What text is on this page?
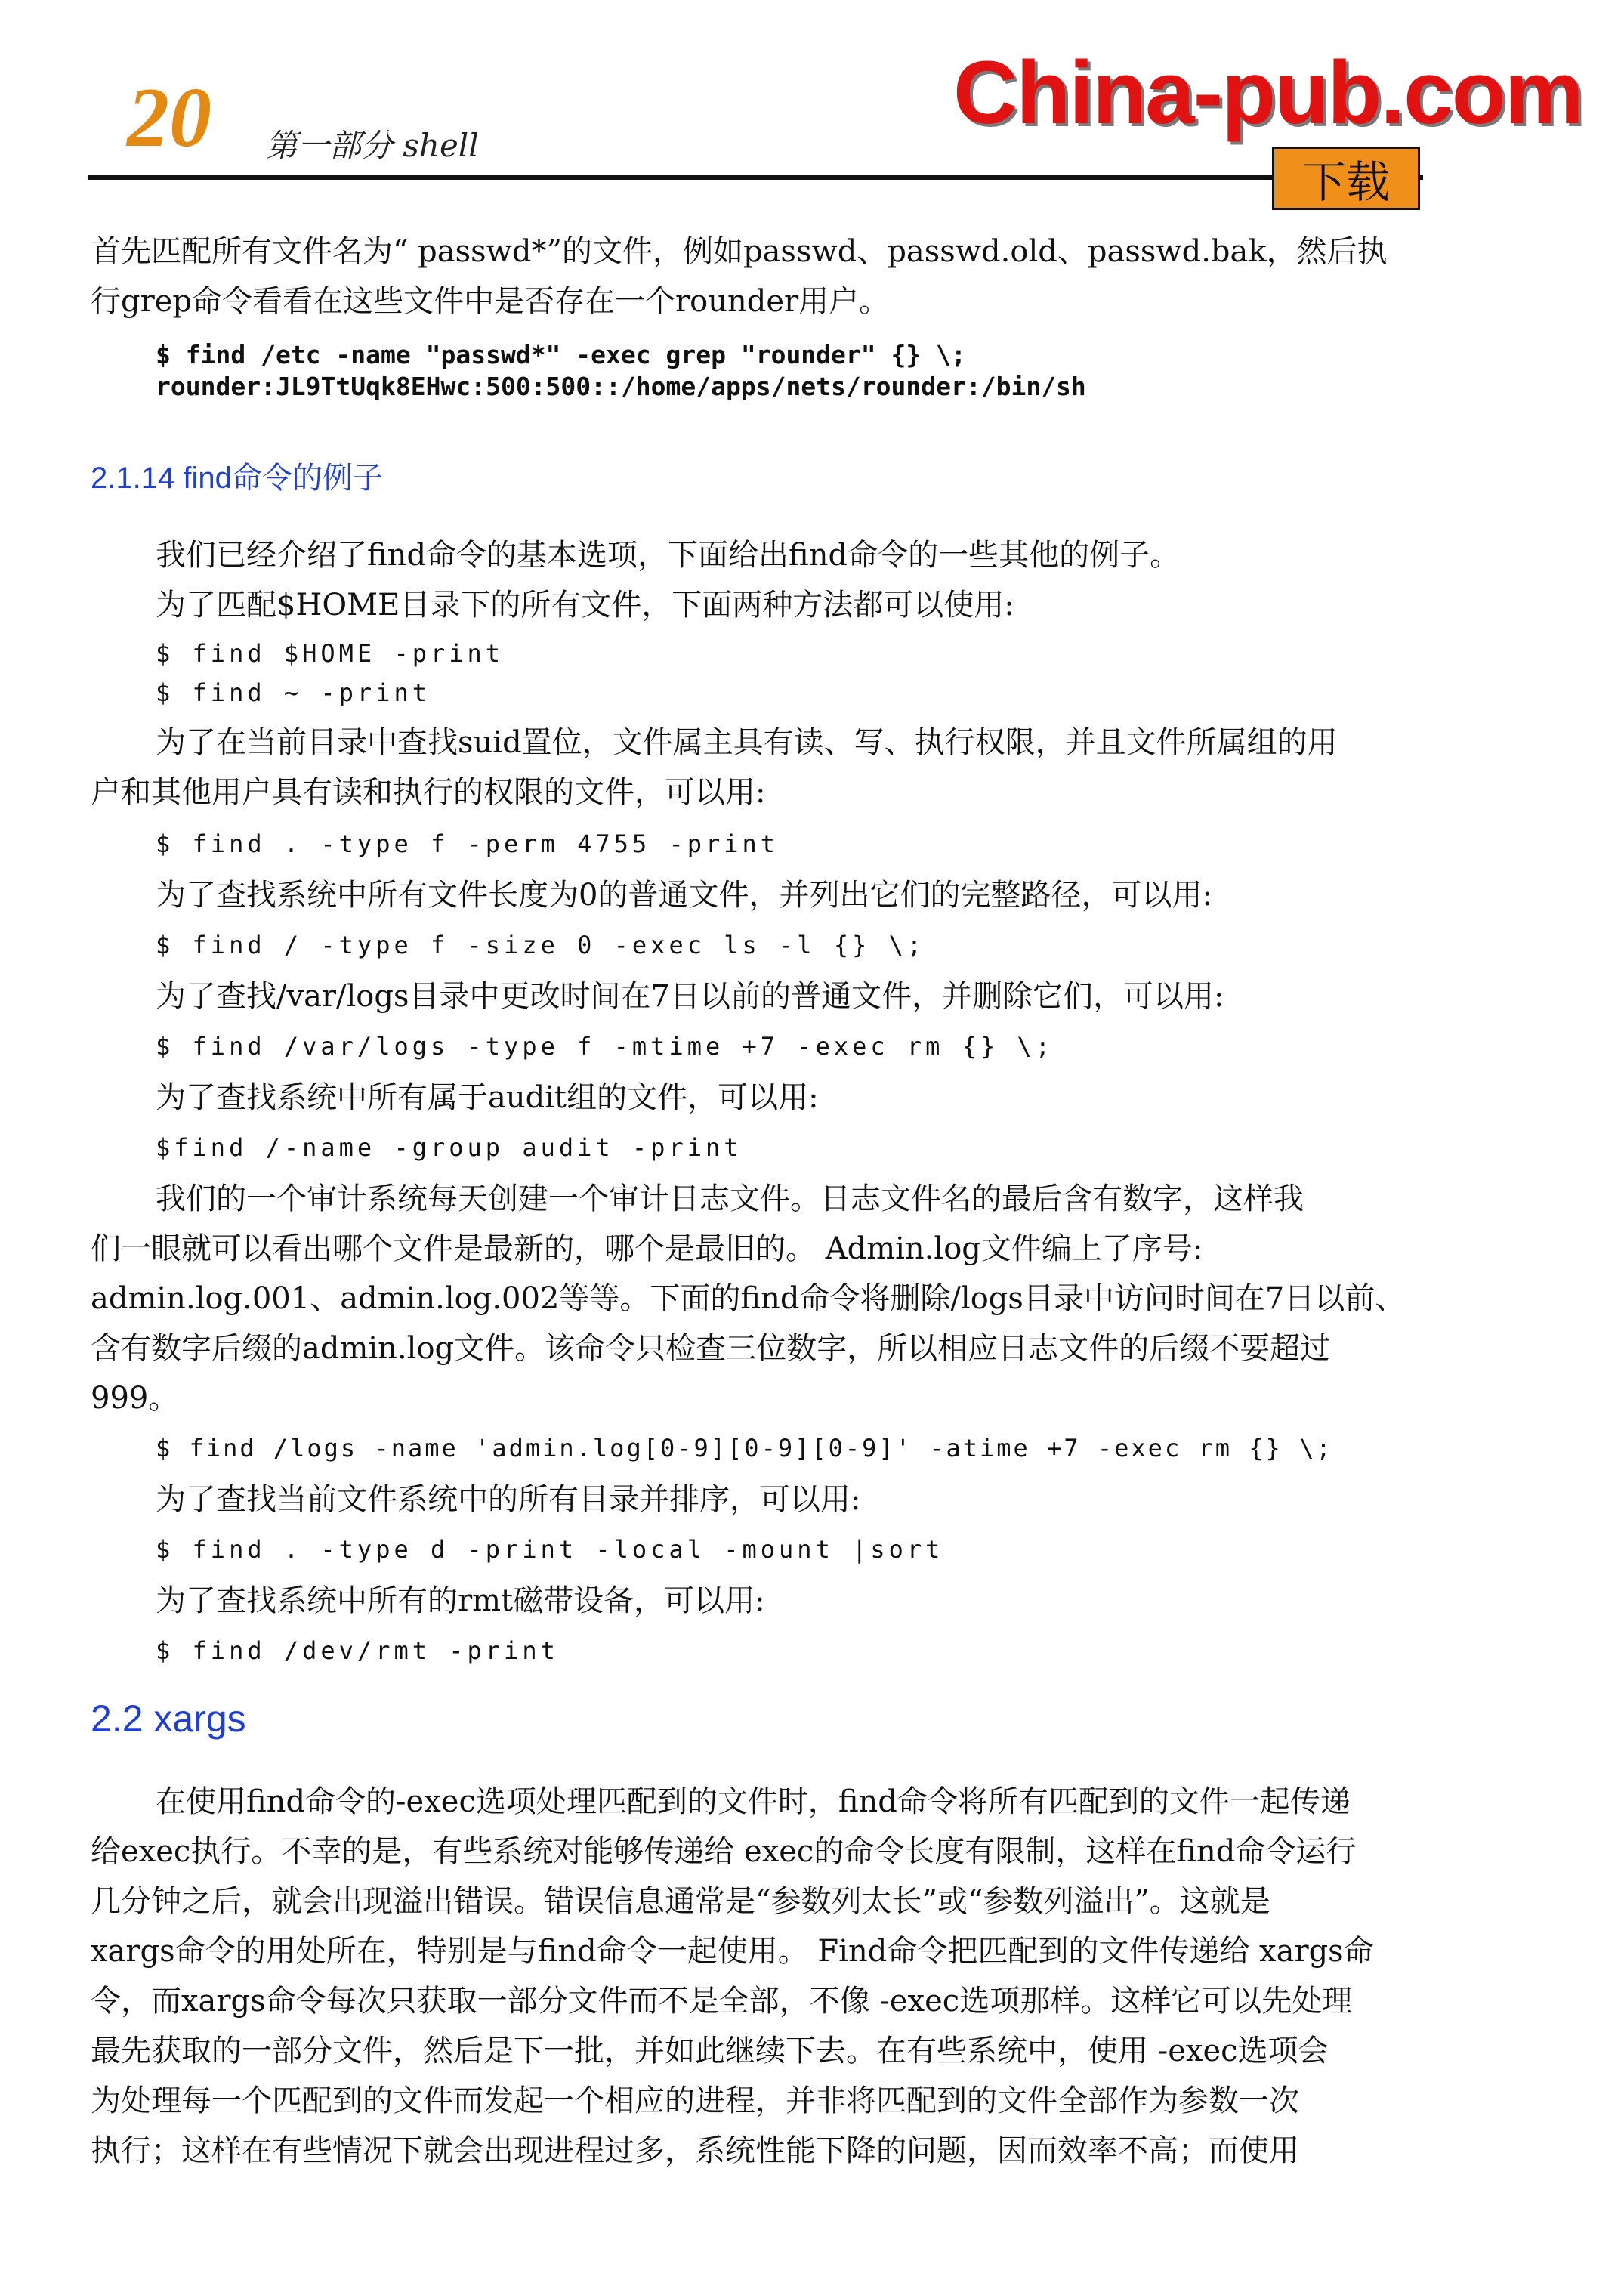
20 第一部分 shell
China-pub.com
下载
首先匹配所有文件名为“ passwd*”的文件，例如passwd、passwd.old、passwd.bak，然后执
行grep命令看看在这些文件中是否存在一个rounder用户。
$ find /etc -name "passwd*" -exec grep "rounder" {} \;
rounder:JL9TtUqk8EHwc:500:500::/home/apps/nets/rounder:/bin/sh
2.1.14 find命令的例子
我们已经介绍了find命令的基本选项，下面给出find命令的一些其他的例子。
为了匹配$HOME目录下的所有文件，下面两种方法都可以使用:
$ find $HOME -print
$ find ~ -print
为了在当前目录中查找suid置位，文件属主具有读、写、执行权限，并且文件所属组的用
户和其他用户具有读和执行的权限的文件，可以用:
$ find . -type f -perm 4755 -print
为了查找系统中所有文件长度为0的普通文件，并列出它们的完整路径，可以用:
$ find / -type f -size 0 -exec ls -l {} \;
为了查找/var/logs目录中更改时间在7日以前的普通文件，并删除它们，可以用:
$ find /var/logs -type f -mtime +7 -exec rm {} \;
为了查找系统中所有属于audit组的文件，可以用:
$find /-name -group audit -print
我们的一个审计系统每天创建一个审计日志文件。日志文件名的最后含有数字，这样我
们一眼就可以看出哪个文件是最新的，哪个是最旧的。 Admin.log文件编上了序号:
admin.log.001、admin.log.002等等。下面的find命令将删除/logs目录中访问时间在7日以前、
含有数字后缀的admin.log文件。该命令只检查三位数字，所以相应日志文件的后缀不要超过
999。
$ find /logs -name 'admin.log[0-9][0-9][0-9]' -atime +7 -exec rm {} \;
为了查找当前文件系统中的所有目录并排序，可以用:
$ find . -type d -print -local -mount |sort
为了查找系统中所有的rmt磁带设备，可以用:
$ find /dev/rmt -print
2.2 xargs
在使用find命令的-exec选项处理匹配到的文件时，find命令将所有匹配到的文件一起传递
给exec执行。不幸的是，有些系统对能够传递给 exec的命令长度有限制，这样在find命令运行
几分钟之后，就会出现溢出错误。错误信息通常是“参数列太长”或“参数列溢出”。这就是
xargs命令的用处所在，特别是与find命令一起使用。 Find命令把匹配到的文件传递给 xargs命
令，而xargs命令每次只获取一部分文件而不是全部，不像 -exec选项那样。这样它可以先处理
最先获取的一部分文件，然后是下一批，并如此继续下去。在有些系统中，使用 -exec选项会
为处理每一个匹配到的文件而发起一个相应的进程，并非将匹配到的文件全部作为参数一次
执行；这样在有些情况下就会出现进程过多，系统性能下降的问题，因而效率不高；而使用
